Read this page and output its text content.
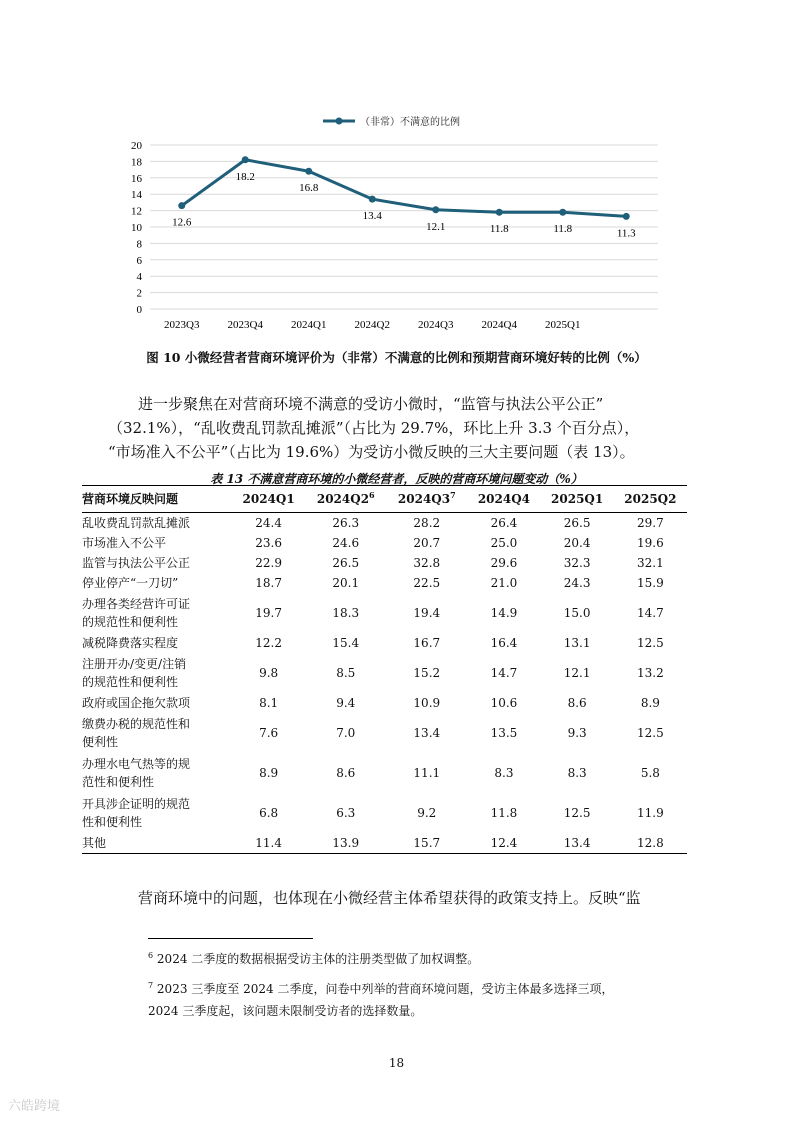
（非常）不满意的比例
0
2
4
6
8
10
12
14
16
18
20
2023Q3	2023Q4	2024Q1	2024Q2	2024Q3	2024Q4	2025Q1
12.6
18.2
16.8
13.4
12.1	11.8	11.8	11.3
图 10 小微经营者营商环境评价为（非常）不满意的比例和预期营商环境好转的比例（%）

进一步聚焦在对营商环境不满意的受访小微时，“监管与执法公平公正”

（32.1%），“乱收费乱罚款乱摊派”（占比为 29.7%，环比上升 3.3 个百分点），

“市场准入不公平”（占比为 19.6%）为受访小微反映的三大主要问题（表 13）。

表 13 不满意营商环境的小微经营者，反映的营商环境问题变动（%）
营商环境反映问题	2024Q1	$2024Q2^6$	$2024Q3^7$	2024Q4	2025Q1	2025Q2

乱收费乱罚款乱摊派	24.4	26.3	28.2	26.4	26.5	29.7

市场准入不公平	23.6	24.6	20.7	25.0	20.4	19.6

监管与执法公平公正	22.9	26.5	32.8	29.6	32.3	32.1

停业停产“一刀切”	18.7	20.1	22.5	21.0	24.3	15.9

办理各类经营许可证
的规范性和便利性	19.7	18.3	19.4	14.9	15.0	14.7

减税降费落实程度	12.2	15.4	16.7	16.4	13.1	12.5

注册开办/变更/注销
的规范性和便利性	9.8	8.5	15.2	14.7	12.1	13.2

政府或国企拖欠款项	8.1	9.4	10.9	10.6	8.6	8.9

缴费办税的规范性和
便利性	7.6	7.0	13.4	13.5	9.3	12.5

办理水电气热等的规
范性和便利性	8.9	8.6	11.1	8.3	8.3	5.8

开具涉企证明的规范
性和便利性	6.8	6.3	9.2	11.8	12.5	11.9

其他	11.4	13.9	15.7	12.4	13.4	12.8

营商环境中的问题，也体现在小微经营主体希望获得的政策支持上。反映“监

$^6$ 2024 二季度的数据根据受访主体的注册类型做了加权调整。

$^7$ 2023 三季度至 2024 二季度，问卷中列举的营商环境问题，受访主体最多选择三项，

2024 三季度起，该问题未限制受访者的选择数量。

18
六皓跨境
